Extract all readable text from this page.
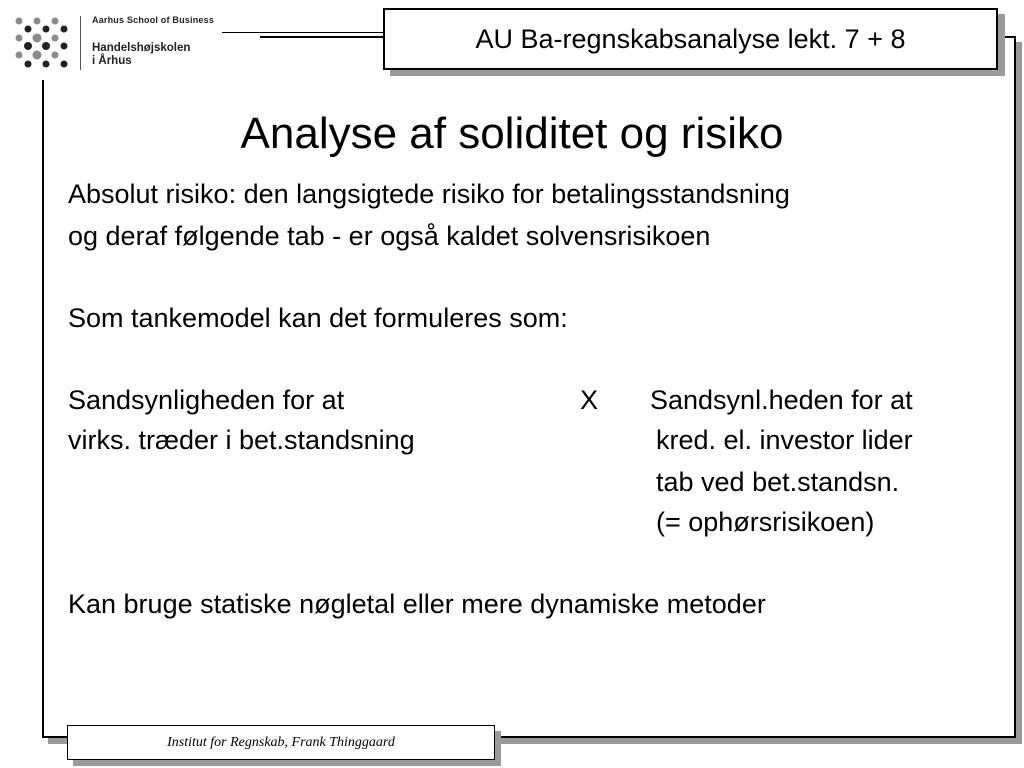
Aarhus School of Business
Handelshøjskolen
i Århus
AU Ba-regnskabsanalyse lekt. 7 + 8
Analyse af soliditet og risiko
Absolut risiko: den langsigtede risiko for betalingsstandsning
og deraf følgende tab - er også kaldet solvensrisikoen
Som tankemodel kan det formuleres som:
Sandsynligheden for at
virks. træder i bet.standsning
X Sandsynl.heden for at
kred. el. investor lider
tab ved bet.standsn.
(= ophørsrisikoen)
Kan bruge statiske nøgletal eller mere dynamiske metoder
Institut for Regnskab, Frank Thinggaard
